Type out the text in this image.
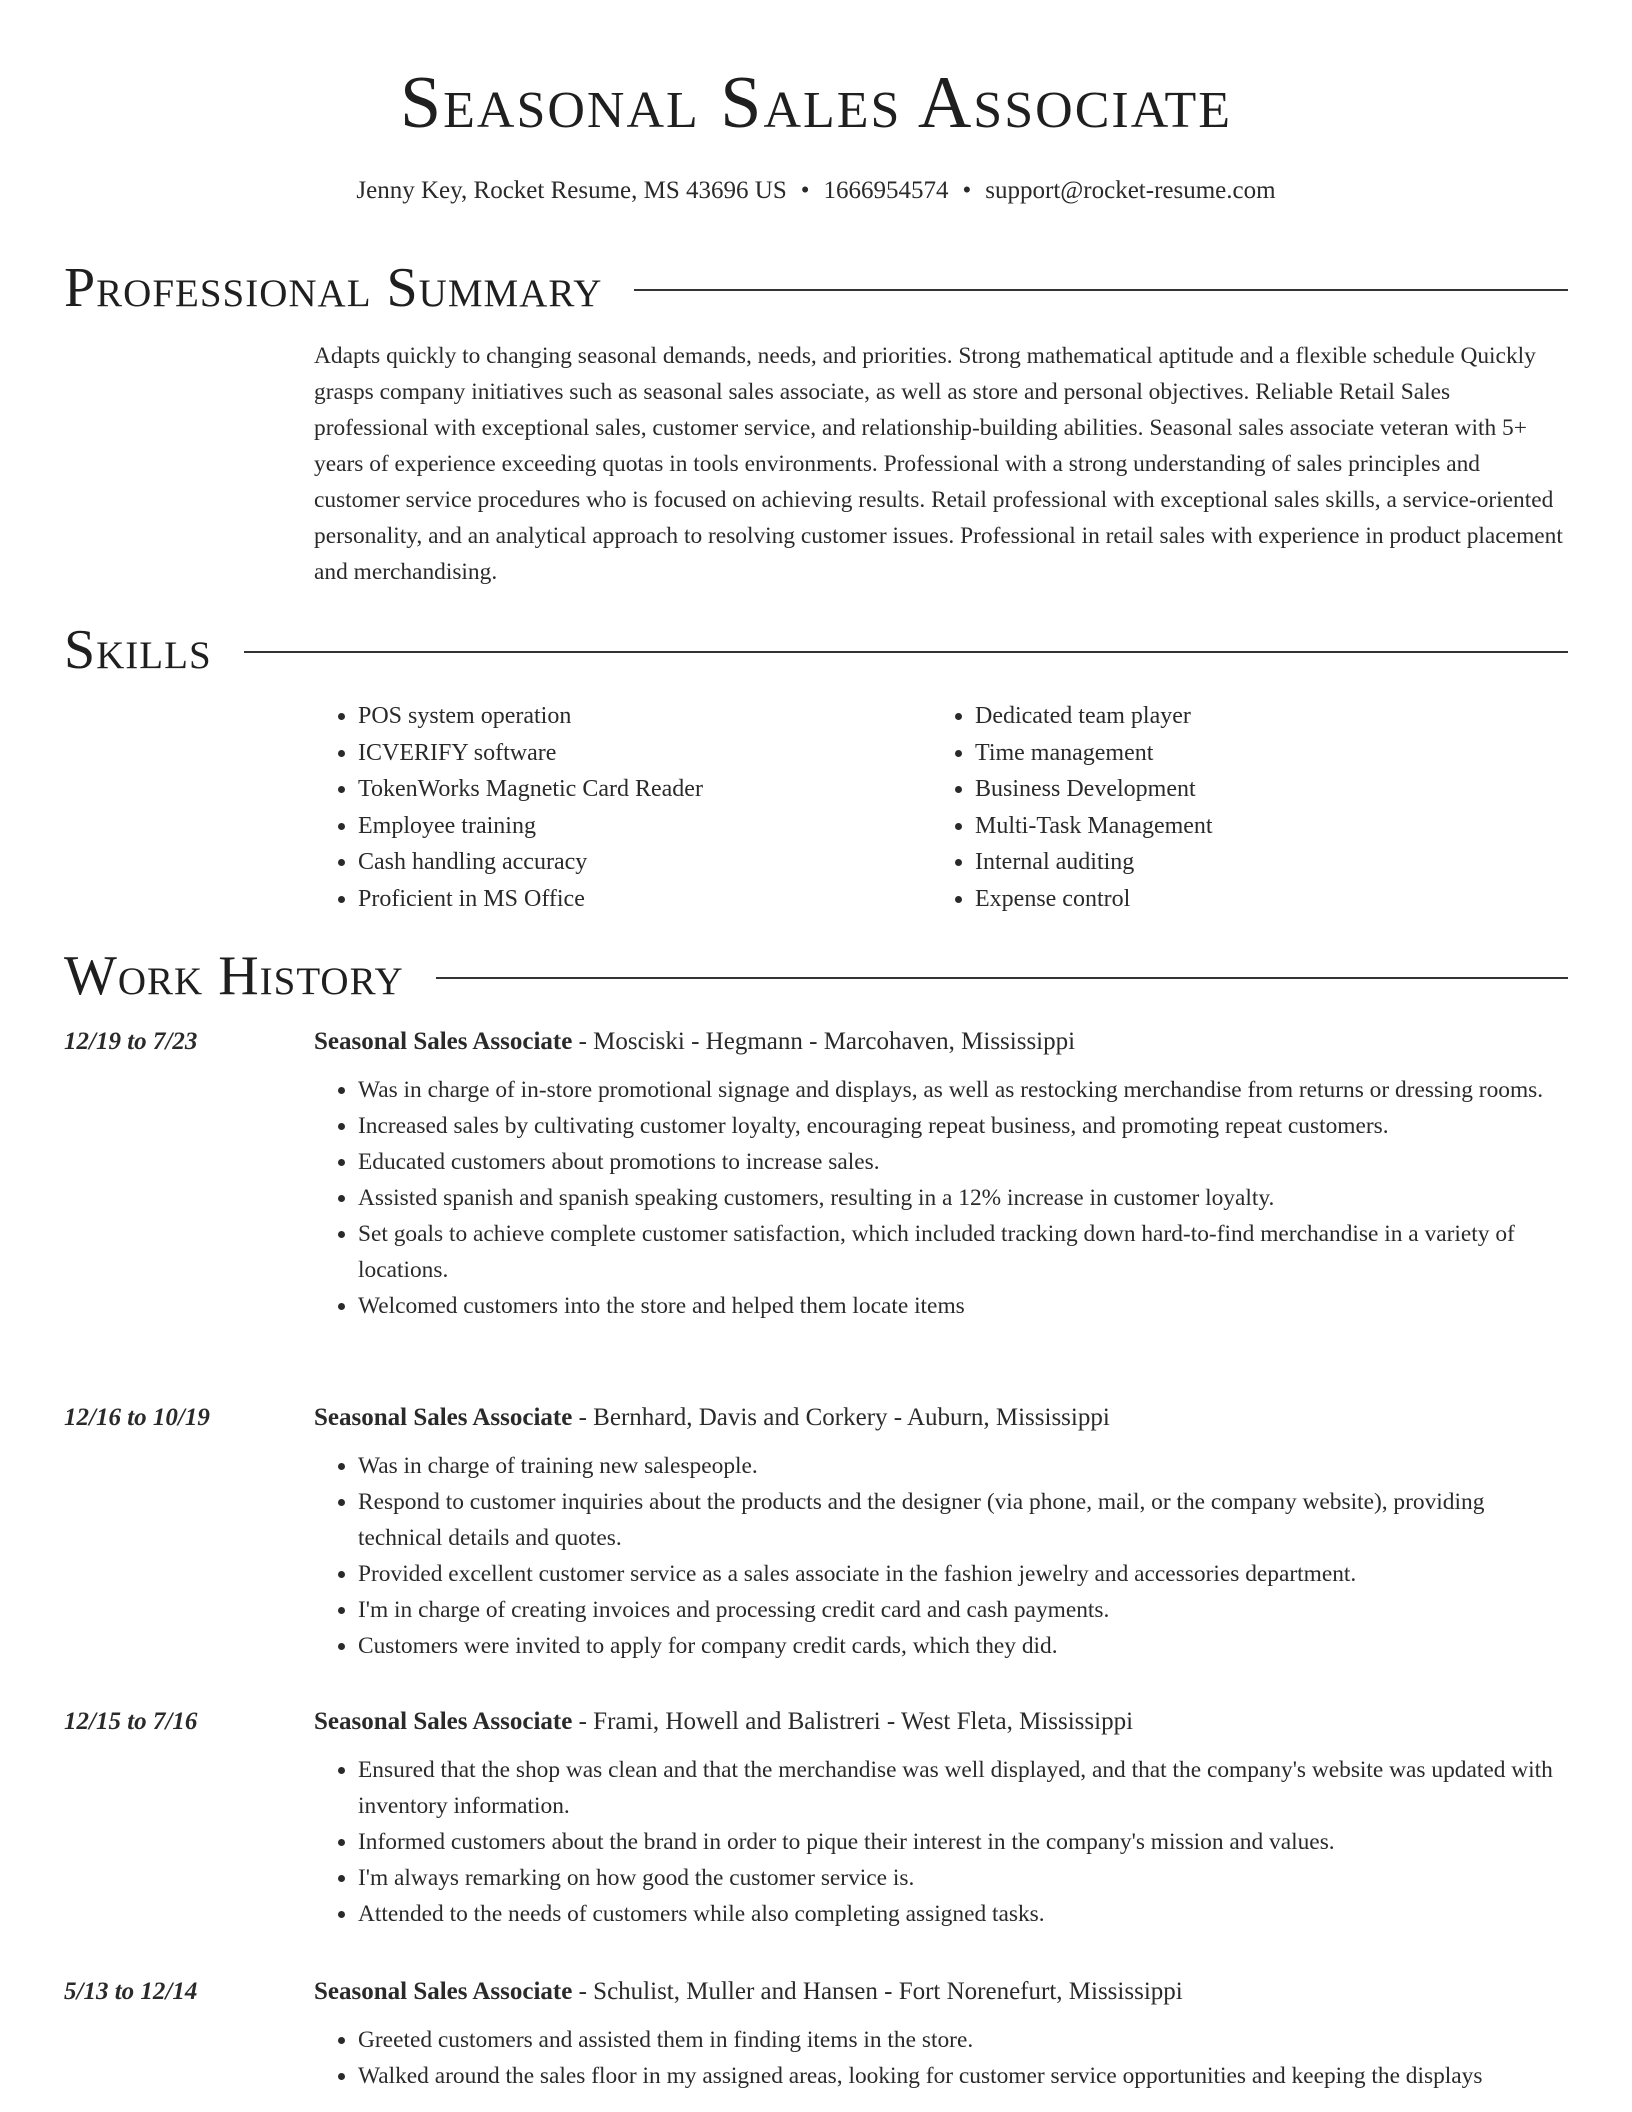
Seasonal Sales Associate
Jenny Key, Rocket Resume, MS 43696 US • 1666954574 • support@rocket-resume.com
Professional Summary

Adapts quickly to changing seasonal demands, needs, and priorities. Strong mathematical aptitude and a flexible schedule Quickly grasps company initiatives such as seasonal sales associate, as well as store and personal objectives. Reliable Retail Sales professional with exceptional sales, customer service, and relationship-building abilities. Seasonal sales associate veteran with 5+ years of experience exceeding quotas in tools environments. Professional with a strong understanding of sales principles and customer service procedures who is focused on achieving results. Retail professional with exceptional sales skills, a service-oriented personality, and an analytical approach to resolving customer issues. Professional in retail sales with experience in product placement and merchandising.

Skills
• POS system operation
• ICVERIFY software
• TokenWorks Magnetic Card Reader
• Employee training
• Cash handling accuracy
• Proficient in MS Office
• Dedicated team player
• Time management
• Business Development
• Multi-Task Management
• Internal auditing
• Expense control
Work History
12/19 to 7/23	Seasonal Sales Associate - Mosciski - Hegmann - Marcohaven, Mississippi
• Was in charge of in-store promotional signage and displays, as well as restocking merchandise from returns or dressing rooms.
• Increased sales by cultivating customer loyalty, encouraging repeat business, and promoting repeat customers.
• Educated customers about promotions to increase sales.
• Assisted spanish and spanish speaking customers, resulting in a 12% increase in customer loyalty.
• Set goals to achieve complete customer satisfaction, which included tracking down hard-to-find merchandise in a variety of locations.
• Welcomed customers into the store and helped them locate items
12/16 to 10/19	Seasonal Sales Associate - Bernhard, Davis and Corkery - Auburn, Mississippi
• Was in charge of training new salespeople.
• Respond to customer inquiries about the products and the designer (via phone, mail, or the company website), providing technical details and quotes.
• Provided excellent customer service as a sales associate in the fashion jewelry and accessories department.
• I'm in charge of creating invoices and processing credit card and cash payments.
• Customers were invited to apply for company credit cards, which they did.
12/15 to 7/16	Seasonal Sales Associate - Frami, Howell and Balistreri - West Fleta, Mississippi
• Ensured that the shop was clean and that the merchandise was well displayed, and that the company's website was updated with inventory information.
• Informed customers about the brand in order to pique their interest in the company's mission and values.
• I'm always remarking on how good the customer service is.
• Attended to the needs of customers while also completing assigned tasks.
5/13 to 12/14	Seasonal Sales Associate - Schulist, Muller and Hansen - Fort Norenefurt, Mississippi
• Greeted customers and assisted them in finding items in the store.
• Walked around the sales floor in my assigned areas, looking for customer service opportunities and keeping the displays
